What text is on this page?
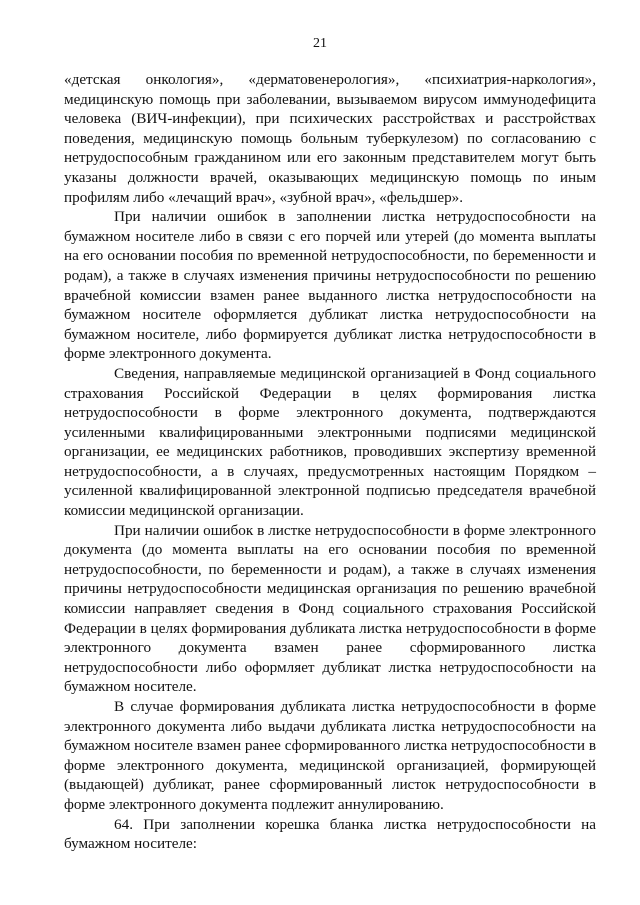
21

«детская онкология», «дерматовенерология», «психиатрия-наркология», медицинскую помощь при заболевании, вызываемом вирусом иммунодефицита человека (ВИЧ-инфекции), при психических расстройствах и расстройствах поведения, медицинскую помощь больным туберкулезом) по согласованию с нетрудоспособным гражданином или его законным представителем могут быть указаны должности врачей, оказывающих медицинскую помощь по иным профилям либо «лечащий врач», «зубной врач», «фельдшер».

При наличии ошибок в заполнении листка нетрудоспособности на бумажном носителе либо в связи с его порчей или утерей (до момента выплаты на его основании пособия по временной нетрудоспособности, по беременности и родам), а также в случаях изменения причины нетрудоспособности по решению врачебной комиссии взамен ранее выданного листка нетрудоспособности на бумажном носителе оформляется дубликат листка нетрудоспособности на бумажном носителе, либо формируется дубликат листка нетрудоспособности в форме электронного документа.

Сведения, направляемые медицинской организацией в Фонд социального страхования Российской Федерации в целях формирования листка нетрудоспособности в форме электронного документа, подтверждаются усиленными квалифицированными электронными подписями медицинской организации, ее медицинских работников, проводивших экспертизу временной нетрудоспособности, а в случаях, предусмотренных настоящим Порядком – усиленной квалифицированной электронной подписью председателя врачебной комиссии медицинской организации.

При наличии ошибок в листке нетрудоспособности в форме электронного документа (до момента выплаты на его основании пособия по временной нетрудоспособности, по беременности и родам), а также в случаях изменения причины нетрудоспособности медицинская организация по решению врачебной комиссии направляет сведения в Фонд социального страхования Российской Федерации в целях формирования дубликата листка нетрудоспособности в форме электронного документа взамен ранее сформированного листка нетрудоспособности либо оформляет дубликат листка нетрудоспособности на бумажном носителе.

В случае формирования дубликата листка нетрудоспособности в форме электронного документа либо выдачи дубликата листка нетрудоспособности на бумажном носителе взамен ранее сформированного листка нетрудоспособности в форме электронного документа, медицинской организацией, формирующей (выдающей) дубликат, ранее сформированный листок нетрудоспособности в форме электронного документа подлежит аннулированию.

64. При заполнении корешка бланка листка нетрудоспособности на бумажном носителе:
